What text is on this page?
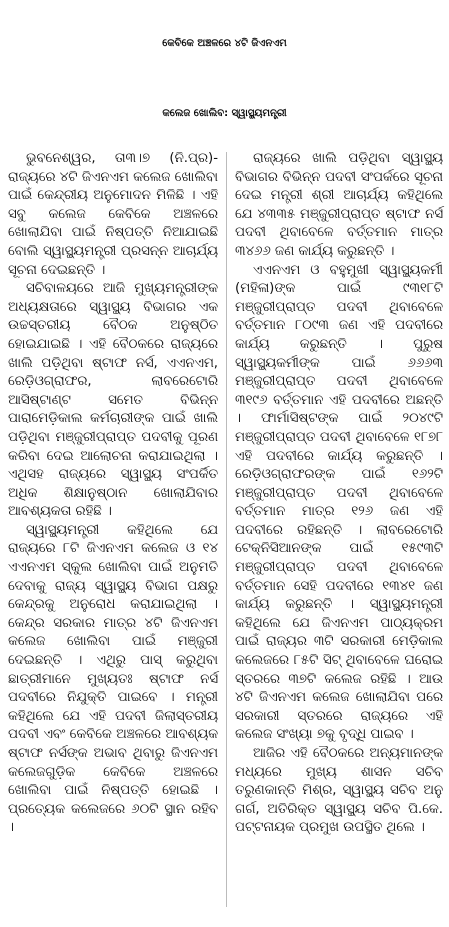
କେବିକେ ଅଞ୍ଚଳରେ ୪ଟି ଜିଏନଏମ
କଲେଜ ଖୋଲିବ: ସ୍ୱାସ୍ଥ୍ୟମନ୍ତ୍ରୀ

ଭୁବନେଶ୍ୱର, ତା୩।୭ (ନି.ପ୍ର)- ରାଜ୍ୟରେ ୪ଟି ଜିଏନଏମ କଲେଜ ଖୋଲିବା ପାଇଁ କେନ୍ଦ୍ରୀୟ ଅନୁମୋଦନ ମିଳିଛି । ଏହି ସବୁ କଲେଜ କେବିକେ ଅଞ୍ଚଳରେ ଖୋଲାଯିବା ପାଇଁ ନିଷ୍ପତ୍ତି ନିଆଯାଇଛି ବୋଲି ସ୍ୱାସ୍ଥ୍ୟମନ୍ତ୍ରୀ ପ୍ରସନ୍ନ ଆଚାର୍ଯ୍ୟ ସୂଚନା ଦେଇଛନ୍ତି ।

ସଚିବାଳୟରେ ଆଜି ମୁଖ୍ୟମନ୍ତ୍ରୀଙ୍କ ଅଧ୍ୟକ୍ଷତାରେ ସ୍ୱାସ୍ଥ୍ୟ ବିଭାଗର ଏକ ଉଚ୍ଚସ୍ତରୀୟ ବୈଠକ ଅନୁଷ୍ଠିତ ହୋଇଯାଇଛି । ଏହି ବୈଠକରେ ରାଜ୍ୟରେ ଖାଲି ପଡ଼ିଥିବା ଷ୍ଟାଫ ନର୍ସ, ଏଏନଏମ, ରେଡ଼ିଓଗ୍ରାଫର, ଲାବରେଟୋରି ଆସିଷ୍ଟାଣ୍ଟ ସମେତ ବିଭିନ୍ନ ପାରାମେଡ଼ିକାଲ କର୍ମଚାରୀଙ୍କ ପାଇଁ ଖାଲି ପଡ଼ିଥିବା ମଞ୍ଜୁରୀପ୍ରାପ୍ତ ପଦବୀକୁ ପୂରଣ କରିବା ଦେଇ ଆଲୋଚନା କରାଯାଇଥିଲା । ଏଥିସହ ରାଜ୍ୟରେ ସ୍ୱାସ୍ଥ୍ୟ ସଂପର୍କିତ ଅଧିକ ଶିକ୍ଷାନୁଷ୍ଠାନ ଖୋଲାଯିବାର ଆବଶ୍ୟକତା ରହିଛି ।

ସ୍ୱାସ୍ଥ୍ୟମନ୍ତ୍ରୀ କହିଥିଲେ ଯେ ରାଜ୍ୟରେ ୮ଟି ଜିଏନଏମ କଲେଜ ଓ ୧୪ ଏଏନଏମ ସ୍କୁଲ ଖୋଲିବା ପାଇଁ ଅନୁମତି ଦେବାକୁ ରାଜ୍ୟ ସ୍ୱାସ୍ଥ୍ୟ ବିଭାଗ ପକ୍ଷରୁ କେନ୍ଦ୍ରକୁ ଅନୁରୋଧ କରାଯାଇଥିଲା । କେନ୍ଦ୍ର ସରକାର ମାତ୍ର ୪ଟି ଜିଏନଏମ କଲେଜ ଖୋଲିବା ପାଇଁ ମଞ୍ଜୁରୀ ଦେଇଛନ୍ତି । ଏଥିରୁ ପାସ୍ କରୁଥିବା ଛାତ୍ରୀମାନେ ମୁଖ୍ୟତଃ ଷ୍ଟାଫ ନର୍ସ ପଦବୀରେ ନିଯୁକ୍ତି ପାଇବେ । ମନ୍ତ୍ରୀ କହିଥିଲେ ଯେ ଏହି ପଦବୀ ଜିଲାସ୍ତରୀୟ ପଦବୀ ଏବଂ କେବିକେ ଅଞ୍ଚଳରେ ଆବଶ୍ୟକ ଷ୍ଟାଫ ନର୍ସଙ୍କ ଅଭାବ ଥିବାରୁ ଜିଏନଏମ କଲେଜଗୁଡ଼ିକ କେବିକେ ଅଞ୍ଚଳରେ ଖୋଲିବା ପାଇଁ ନିଷ୍ପତ୍ତି ହୋଇଛି । ପ୍ରତ୍ୟେକ କଲେଜରେ ୬୦ଟି ସ୍ଥାନ ରହିବ ।

ରାଜ୍ୟରେ ଖାଲି ପଡ଼ିଥିବା ସ୍ୱାସ୍ଥ୍ୟ ବିଭାଗର ବିଭିନ୍ନ ପଦବୀ ସଂପର୍କରେ ସୂଚନା ଦେଇ ମନ୍ତ୍ରୀ ଶ୍ରୀ ଆଚାର୍ଯ୍ୟ କହିଥିଲେ ଯେ ୪୩୩୫ ମଞ୍ଜୁରୀପ୍ରାପ୍ତ ଷ୍ଟାଫ ନର୍ସ ପଦବୀ ଥିବାବେଳେ ବର୍ତ୍ତମାନ ମାତ୍ର ୩୪୬୬ ଜଣ କାର୍ଯ୍ୟ କରୁଛନ୍ତି ।

ଏଏନଏମ ଓ ବହୁମୁଖୀ ସ୍ୱାସ୍ଥ୍ୟକର୍ମୀ (ମହିଳା)ଙ୍କ ପାଇଁ ୯୩୧୮ଟି ମଞ୍ଜୁରୀପ୍ରାପ୍ତ ପଦବୀ ଥିବାବେଳେ ବର୍ତ୍ତମାନ ୮୦୯୩ ଜଣ ଏହି ପଦବୀରେ କାର୍ଯ୍ୟ କରୁଛନ୍ତି । ପୁରୁଷ ସ୍ୱାସ୍ଥ୍ୟକର୍ମୀଙ୍କ ପାଇଁ ୬୬୬୩ ମଞ୍ଜୁରୀପ୍ରାପ୍ତ ପଦବୀ ଥିବାବେଳେ ୩୧୯୬ ବର୍ତ୍ତମାନ ଏହି ପଦବୀରେ ଅଛନ୍ତି । ଫାର୍ମାସିଷ୍ଟଙ୍କ ପାଇଁ ୨୦୪୯ଟି ମଞ୍ଜୁରୀପ୍ରାପ୍ତ ପଦବୀ ଥିବାବେଳେ ୧୮୭୮ ଏହି ପଦବୀରେ କାର୍ଯ୍ୟ କରୁଛନ୍ତି । ରେଡ଼ିଓଗ୍ରାଫରଙ୍କ ପାଇଁ ୧୬୨ଟି ମଞ୍ଜୁରୀପ୍ରାପ୍ତ ପଦବୀ ଥିବାବେଳେ ବର୍ତ୍ତମାନ ମାତ୍ର ୧୨୬ ଜଣ ଏହି ପଦବୀରେ ରହିଛନ୍ତି । ଲାବରେଟୋରି ଟେକ୍ନିସିଆନଙ୍କ ପାଇଁ ୧୫୯୩ଟି ମଞ୍ଜୁରୀପ୍ରାପ୍ତ ପଦବୀ ଥିବାବେଳେ ବର୍ତ୍ତମାନ ସେହି ପଦବୀରେ ୧୩୪୧ ଜଣ କାର୍ଯ୍ୟ କରୁଛନ୍ତି । ସ୍ୱାସ୍ଥ୍ୟମନ୍ତ୍ରୀ କହିଥିଲେ ଯେ ଜିଏନଏମ ପାଠ୍ୟକ୍ରମ ପାଇଁ ରାଜ୍ୟର ୩ଟି ସରକାରୀ ମେଡ଼ିକାଲ କଲେଜରେ ୮୫ଟି ସିଟ୍ ଥିବାବେଳେ ଘରୋଇ ସ୍ତରରେ ୩୭ଟି କଲେଜ ରହିଛି । ଆଉ ୪ଟି ଜିଏନଏମ କଲେଜ ଖୋଲାଯିବା ପରେ ସରକାରୀ ସ୍ତରରେ ରାଜ୍ୟରେ ଏହି କଲେଜ ସଂଖ୍ୟା ୭କୁ ବୃଦ୍ଧି ପାଇବ ।

ଆଜିର ଏହି ବୈଠକରେ ଅନ୍ୟମାନଙ୍କ ମଧ୍ୟରେ ମୁଖ୍ୟ ଶାସନ ସଚିବ ତରୁଣକାନ୍ତି ମିଶ୍ର, ସ୍ୱାସ୍ଥ୍ୟ ସଚିବ ଅନୁ ଗର୍ଗ, ଅତିରିକ୍ତ ସ୍ୱାସ୍ଥ୍ୟ ସଚିବ ପି.କେ. ପଟ୍ଟନାୟକ ପ୍ରମୁଖ ଉପସ୍ଥିତ ଥିଲେ ।
